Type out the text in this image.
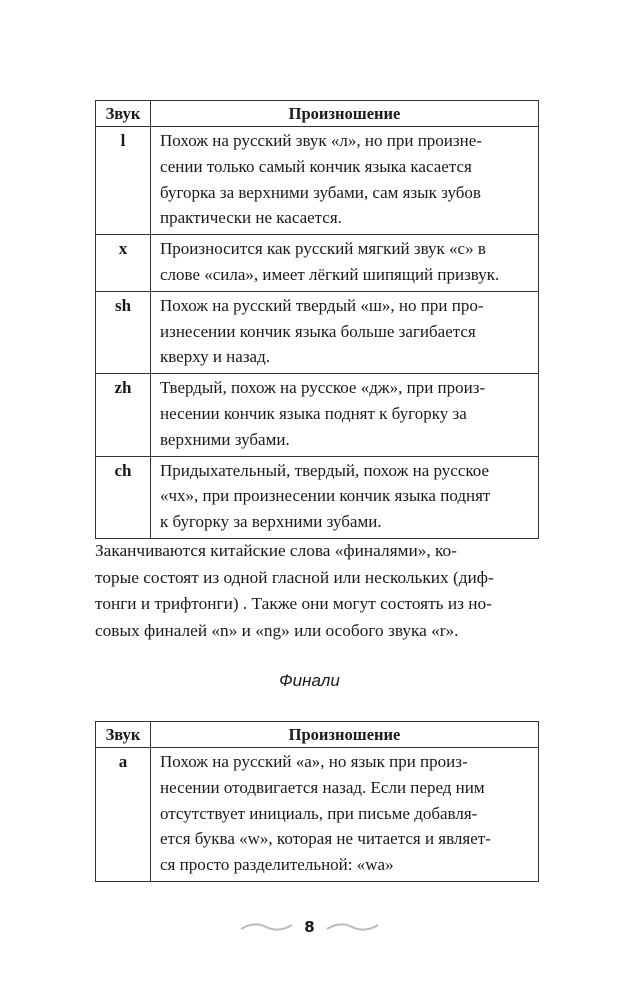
Звук	Произношение
l	Похож на русский звук «л», но при произне-
сении только самый кончик языка касается
бугорка за верхними зубами, сам язык зубов
практически не касается.
x	Произносится как русский мягкий звук «с» в
слове «сила», имеет лёгкий шипящий призвук.
sh	Похож на русский твердый «ш», но при про-
изнесении кончик языка больше загибается
кверху и назад.
zh	Твердый, похож на русское «дж», при произ-
несении кончик языка поднят к бугорку за
верхними зубами.
ch	Придыхательный, твердый, похож на русское
«чх», при произнесении кончик языка поднят
к бугорку за верхними зубами.
Заканчиваются китайские слова «финалями», ко-
торые состоят из одной гласной или нескольких (диф-
тонги и трифтонги) . Также они могут состоять из но-
совых финалей «n» и «ng» или особого звука «r».
Финали
Звук	Произношение
a	Похож на русский «а», но язык при произ-
несении отодвигается назад. Если перед ним
отсутствует инициаль, при письме добавля-
ется буква «w», которая не читается и являет-
ся просто разделительной: «wa»
8
